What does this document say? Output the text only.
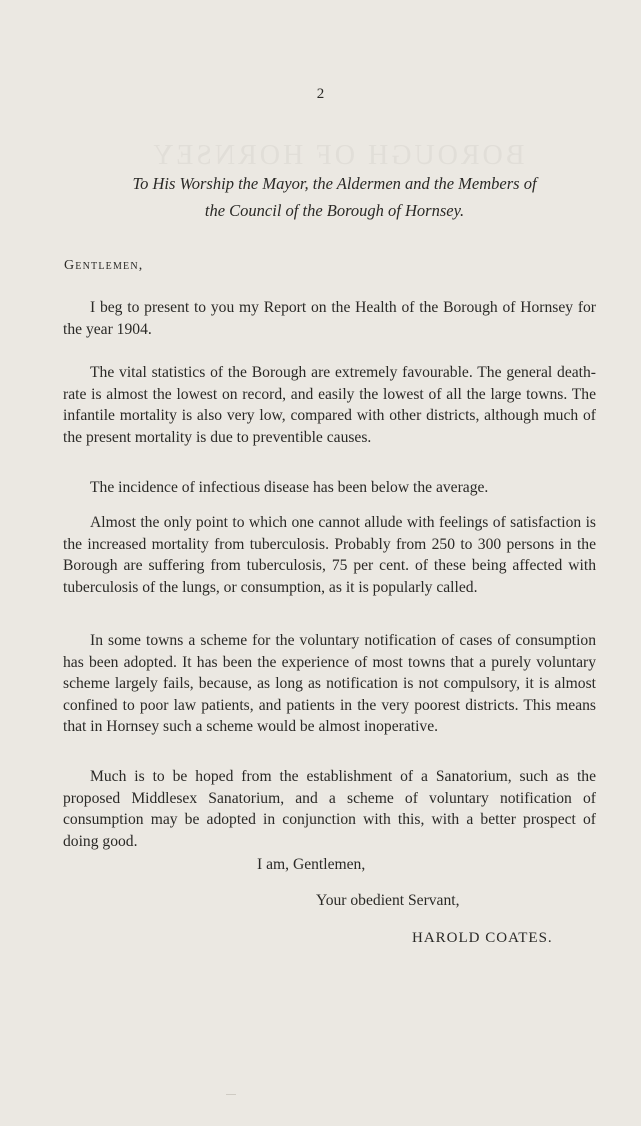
BOROUGH OF HORNSEY
2
To His Worship the Mayor, the Aldermen and the Members of
the Council of the Borough of Hornsey.
Gentlemen,

I beg to present to you my Report on the Health of the Borough of Hornsey for the year 1904.

The vital statistics of the Borough are extremely favourable. The general death-rate is almost the lowest on record, and easily the lowest of all the large towns. The infantile mortality is also very low, compared with other districts, although much of the present mortality is due to preventible causes.

The incidence of infectious disease has been below the average.

Almost the only point to which one cannot allude with feelings of satisfaction is the increased mortality from tuberculosis. Probably from 250 to 300 persons in the Borough are suffering from tuberculosis, 75 per cent. of these being affected with tuberculosis of the lungs, or consumption, as it is popularly called.

In some towns a scheme for the voluntary notification of cases of consumption has been adopted. It has been the experience of most towns that a purely voluntary scheme largely fails, because, as long as notification is not compulsory, it is almost confined to poor law patients, and patients in the very poorest districts. This means that in Hornsey such a scheme would be almost inoperative.

Much is to be hoped from the establishment of a Sanatorium, such as the proposed Middlesex Sanatorium, and a scheme of voluntary notification of consumption may be adopted in conjunction with this, with a better prospect of doing good.

I am, Gentlemen,
Your obedient Servant,
HAROLD COATES.
